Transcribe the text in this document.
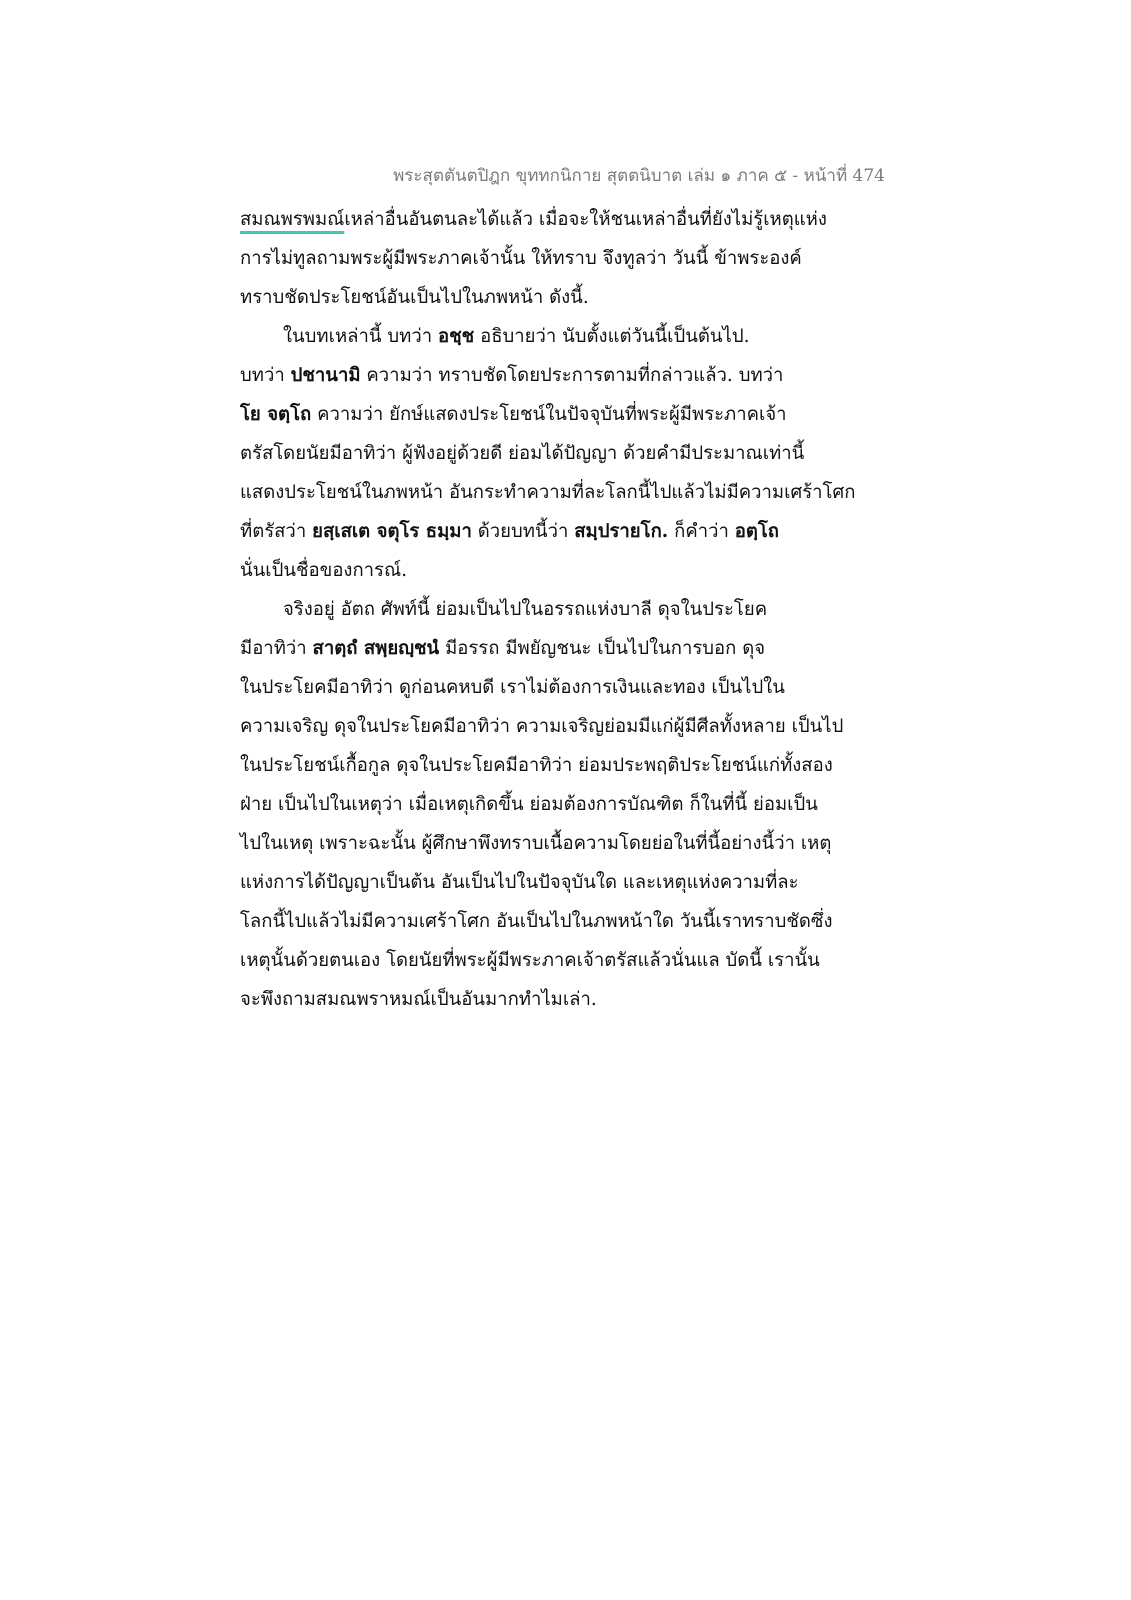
พระสุตตันตปิฎก ขุททกนิกาย สุตตนิบาต เล่ม ๑ ภาค ๕ - หน้าที่ 474
สมณพรพมณ์เหล่าอื่นอันตนละได้แล้ว เมื่อจะให้ชนเหล่าอื่นที่ยังไม่รู้เหตุแห่ง
การไม่ทูลถามพระผู้มีพระภาคเจ้านั้น ให้ทราบ จึงทูลว่า วันนี้ ข้าพระองค์
ทราบชัดประโยชน์อันเป็นไปในภพหน้า ดังนี้.
ในบทเหล่านี้ บทว่า อชฺช อธิบายว่า นับตั้งแต่วันนี้เป็นต้นไป.
บทว่า ปชานามิ ความว่า ทราบชัดโดยประการตามที่กล่าวแล้ว. บทว่า
โย จตฺโถ ความว่า ยักษ์แสดงประโยชน์ในปัจจุบันที่พระผู้มีพระภาคเจ้า
ตรัสโดยนัยมีอาทิว่า ผู้ฟังอยู่ด้วยดี ย่อมได้ปัญญา ด้วยคำมีประมาณเท่านี้
แสดงประโยชน์ในภพหน้า อันกระทำความที่ละโลกนี้ไปแล้วไม่มีความเศร้าโศก
ที่ตรัสว่า ยสฺเสเต จตุโร ธมฺมา ด้วยบทนี้ว่า สมฺปรายโก. ก็คำว่า อตฺโถ
นั่นเป็นชื่อของการณ์.
จริงอยู่ อัตถ ศัพท์นี้ ย่อมเป็นไปในอรรถแห่งบาลี ดุจในประโยค
มีอาทิว่า สาตฺถํ สพฺยญฺชนํ มีอรรถ มีพยัญชนะ เป็นไปในการบอก ดุจ
ในประโยคมีอาทิว่า ดูก่อนคหบดี เราไม่ต้องการเงินและทอง เป็นไปใน
ความเจริญ ดุจในประโยคมีอาทิว่า ความเจริญย่อมมีแก่ผู้มีศีลทั้งหลาย เป็นไป
ในประโยชน์เกื้อกูล ดุจในประโยคมีอาทิว่า ย่อมประพฤติประโยชน์แก่ทั้งสอง
ฝ่าย เป็นไปในเหตุว่า เมื่อเหตุเกิดขึ้น ย่อมต้องการบัณฑิต ก็ในที่นี้ ย่อมเป็น
ไปในเหตุ เพราะฉะนั้น ผู้ศึกษาพึงทราบเนื้อความโดยย่อในที่นี้อย่างนี้ว่า เหตุ
แห่งการได้ปัญญาเป็นต้น อันเป็นไปในปัจจุบันใด และเหตุแห่งความที่ละ
โลกนี้ไปแล้วไม่มีความเศร้าโศก อันเป็นไปในภพหน้าใด วันนี้เราทราบชัดซึ่ง
เหตุนั้นด้วยตนเอง โดยนัยที่พระผู้มีพระภาคเจ้าตรัสแล้วนั่นแล บัดนี้ เรานั้น
จะพึงถามสมณพราหมณ์เป็นอันมากทำไมเล่า.
